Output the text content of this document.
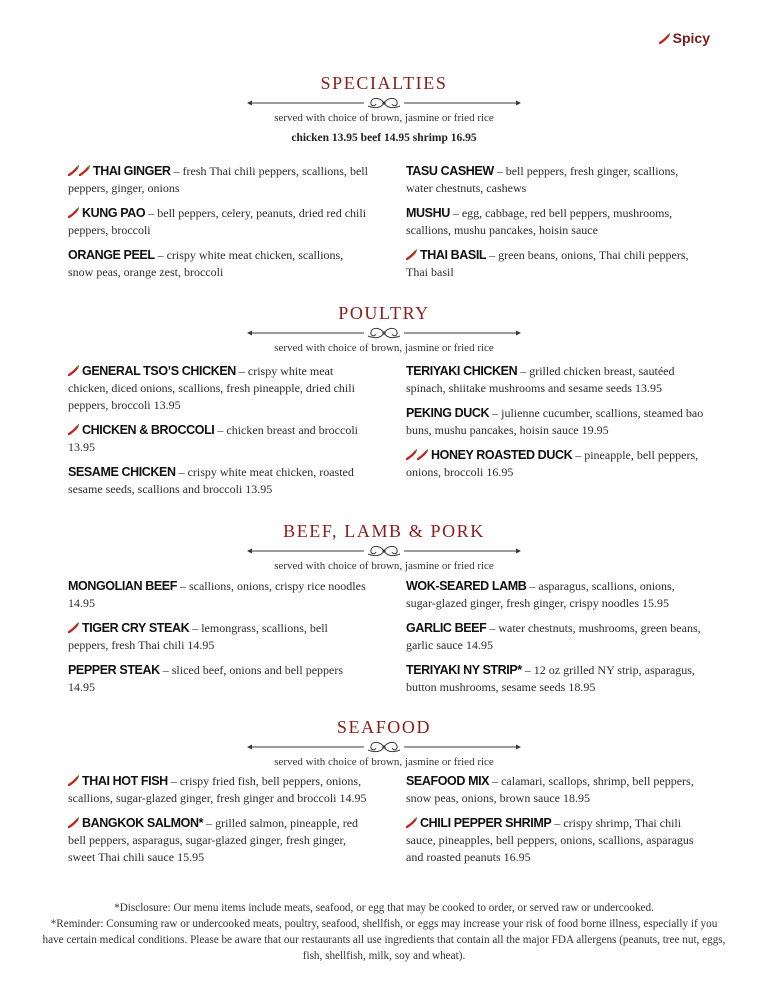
Spicy
SPECIALTIES
served with choice of brown, jasmine or fried rice
chicken 13.95 beef 14.95 shrimp 16.95
THAI GINGER – fresh Thai chili peppers, scallions, bell peppers, ginger, onions
KUNG PAO – bell peppers, celery, peanuts, dried red chili peppers, broccoli
ORANGE PEEL – crispy white meat chicken, scallions, snow peas, orange zest, broccoli
TASU CASHEW – bell peppers, fresh ginger, scallions, water chestnuts, cashews
MUSHU – egg, cabbage, red bell peppers, mushrooms, scallions, mushu pancakes, hoisin sauce
THAI BASIL – green beans, onions, Thai chili peppers, Thai basil
POULTRY
served with choice of brown, jasmine or fried rice
GENERAL TSO’S CHICKEN – crispy white meat chicken, diced onions, scallions, fresh pineapple, dried chili peppers, broccoli 13.95
CHICKEN & BROCCOLI – chicken breast and broccoli 13.95
SESAME CHICKEN – crispy white meat chicken, roasted sesame seeds, scallions and broccoli 13.95
TERIYAKI CHICKEN – grilled chicken breast, sautéed spinach, shiitake mushrooms and sesame seeds 13.95
PEKING DUCK – julienne cucumber, scallions, steamed bao buns, mushu pancakes, hoisin sauce 19.95
HONEY ROASTED DUCK – pineapple, bell peppers, onions, broccoli 16.95
BEEF, LAMB & PORK
served with choice of brown, jasmine or fried rice
MONGOLIAN BEEF – scallions, onions, crispy rice noodles 14.95
TIGER CRY STEAK – lemongrass, scallions, bell peppers, fresh Thai chili 14.95
PEPPER STEAK – sliced beef, onions and bell peppers 14.95
WOK-SEARED LAMB – asparagus, scallions, onions, sugar-glazed ginger, fresh ginger, crispy noodles 15.95
GARLIC BEEF – water chestnuts, mushrooms, green beans, garlic sauce 14.95
TERIYAKI NY STRIP* – 12 oz grilled NY strip, asparagus, button mushrooms, sesame seeds 18.95
SEAFOOD
served with choice of brown, jasmine or fried rice
THAI HOT FISH – crispy fried fish, bell peppers, onions, scallions, sugar-glazed ginger, fresh ginger and broccoli 14.95
BANGKOK SALMON* – grilled salmon, pineapple, red bell peppers, asparagus, sugar-glazed ginger, fresh ginger, sweet Thai chili sauce 15.95
SEAFOOD MIX – calamari, scallops, shrimp, bell peppers, snow peas, onions, brown sauce 18.95
CHILI PEPPER SHRIMP – crispy shrimp, Thai chili sauce, pineapples, bell peppers, onions, scallions, asparagus and roasted peanuts 16.95
*Disclosure: Our menu items include meats, seafood, or egg that may be cooked to order, or served raw or undercooked.
*Reminder: Consuming raw or undercooked meats, poultry, seafood, shellfish, or eggs may increase your risk of food borne illness, especially if you have certain medical conditions. Please be aware that our restaurants all use ingredients that contain all the major FDA allergens (peanuts, tree nut, eggs, fish, shellfish, milk, soy and wheat).
